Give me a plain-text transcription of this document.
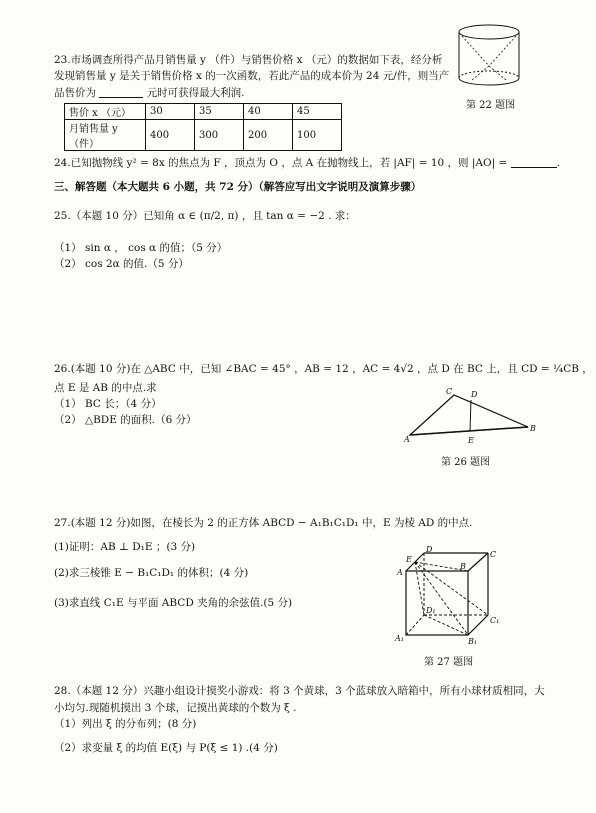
23.市场调查所得产品月销售量 y （件）与销售价格 x （元）的数据如下表，经分析
发现销售量 y 是关于销售价格 x 的一次函数，若此产品的成本价为 24 元/件，则当产
品售价为	元时可获得最大利润.
售价 x （元）	30	35	40	45
月销售量 y （件）	400	300	200	100
第 22 题图
24.已知抛物线 y² = 8x 的焦点为 F ，顶点为 O ，点 A 在抛物线上，若 |AF| = 10 ，则 |AO| =	.
三、解答题（本大题共 6 小题，共 72 分）（解答应写出文字说明及演算步骤）
25.（本题 10 分）已知角 α ∈ (π/2, π) ，且 tan α = −2 . 求：
（1） sin α ， cos α 的值；（5 分）
（2） cos 2α 的值.（5 分）
26.(本题 10 分)在 △ABC 中，已知 ∠BAC = 45° ，AB = 12 ，AC = 4√2 ，点 D 在 BC 上，且 CD = ¼CB ，
点 E 是 AB 的中点.求
（1） BC 长；（4 分）
（2） △BDE 的面积.（6 分）
A
B
C D
E
第 26 题图
27.(本题 12 分)如图，在棱长为 2 的正方体 ABCD − A₁B₁C₁D₁ 中，E 为棱 AD 的中点.
(1)证明：AB ⊥ D₁E ；(3 分)
(2)求三棱锥 E − B₁C₁D₁ 的体积；(4 分)
(3)求直线 C₁E 与平面 ABCD 夹角的余弦值.(5 分)
A
E
D
C
B
A₁	B₁
C₁
D₁
第 27 题图
28.（本题 12 分）兴趣小组设计摸奖小游戏：将 3 个黄球，3 个蓝球放入暗箱中，所有小球材质相同，大
小均匀.现随机摸出 3 个球，记摸出黄球的个数为 ξ .
（1）列出 ξ 的分布列；(8 分)
（2）求变量 ξ 的均值 E(ξ) 与 P(ξ ≤ 1) .(4 分)
